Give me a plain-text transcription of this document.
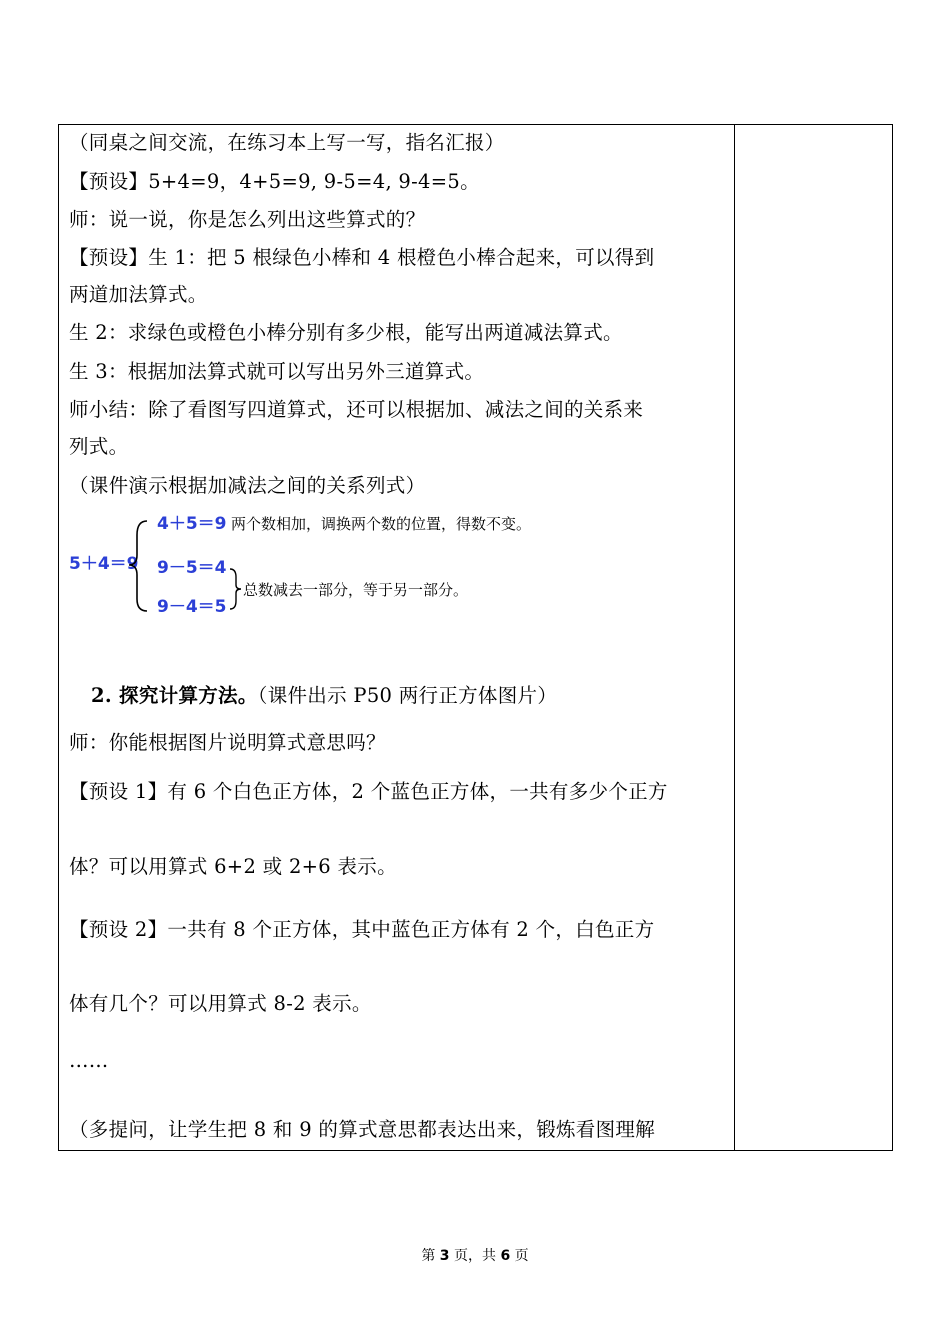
（同桌之间交流，在练习本上写一写，指名汇报）
【预设】5+4=9，4+5=9, 9-5=4, 9-4=5。
师：说一说，你是怎么列出这些算式的？
【预设】生 1：把 5 根绿色小棒和 4 根橙色小棒合起来，可以得到
两道加法算式。
生 2：求绿色或橙色小棒分别有多少根，能写出两道减法算式。
生 3：根据加法算式就可以写出另外三道算式。
师小结：除了看图写四道算式，还可以根据加、减法之间的关系来
列式。
（课件演示根据加减法之间的关系列式）
5＋4＝9
4＋5＝9 两个数相加，调换两个数的位置，得数不变。
9－5＝4
9－4＝5
总数减去一部分，等于另一部分。
2. 探究计算方法。（课件出示 P50 两行正方体图片）
师：你能根据图片说明算式意思吗？
【预设 1】有 6 个白色正方体，2 个蓝色正方体，一共有多少个正方
体？可以用算式 6+2 或 2+6 表示。
【预设 2】一共有 8 个正方体，其中蓝色正方体有 2 个，白色正方
体有几个？可以用算式 8-2 表示。
……
（多提问，让学生把 8 和 9 的算式意思都表达出来，锻炼看图理解
第 3 页，共 6 页
